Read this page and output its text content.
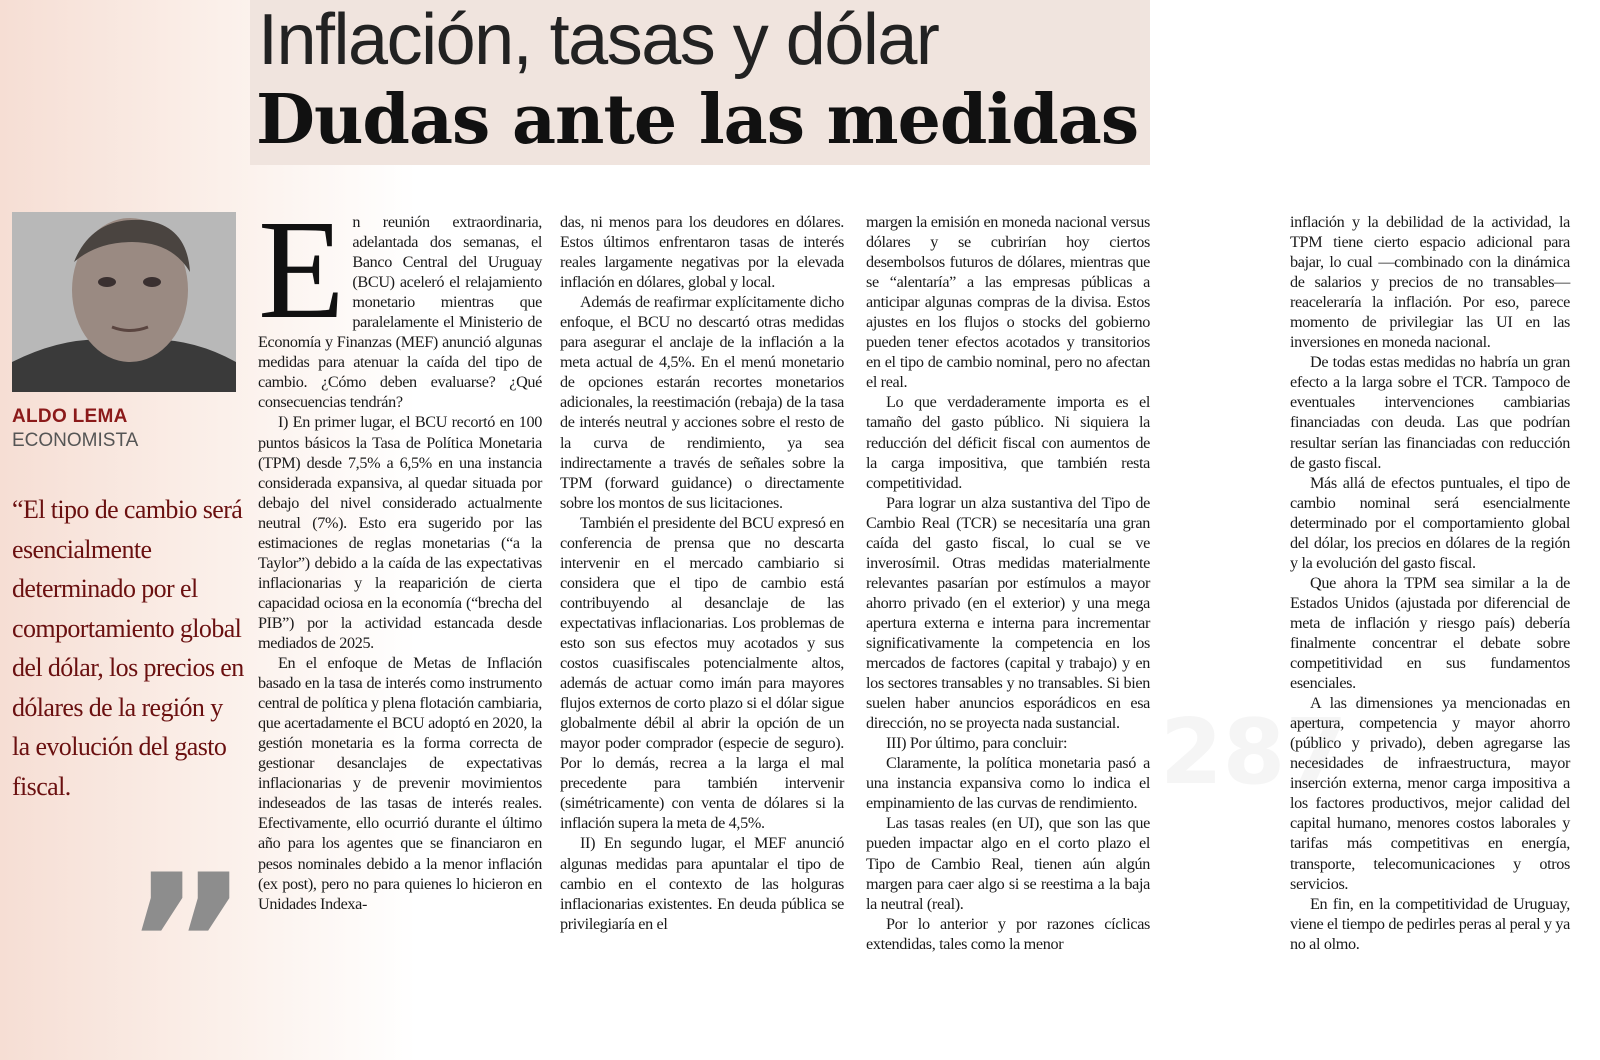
Inflación, tasas y dólar
Dudas ante las medidas
ALDO LEMA
ECONOMISTA
“El tipo de cambio será esencialmente determinado por el comportamiento global del dólar, los precios en dólares de la región y la evolución del gasto fiscal.
”
287
E n reunión extraordinaria, adelantada dos semanas, el Banco Central del Uruguay (BCU) aceleró el relajamiento monetario mientras que paralelamente el Ministerio de Economía y Finanzas (MEF) anunció algunas medidas para atenuar la caída del tipo de cambio. ¿Cómo deben evaluarse? ¿Qué consecuencias tendrán?

I) En primer lugar, el BCU recortó en 100 puntos básicos la Tasa de Política Monetaria (TPM) desde 7,5% a 6,5% en una instancia considerada expansiva, al quedar situada por debajo del nivel considerado actualmente neutral (7%). Esto era sugerido por las estimaciones de reglas monetarias (“a la Taylor”) debido a la caída de las expectativas inflacionarias y la reaparición de cierta capacidad ociosa en la economía (“brecha del PIB”) por la actividad estancada desde mediados de 2025.

En el enfoque de Metas de Inflación basado en la tasa de interés como instrumento central de política y plena flotación cambiaria, que acertadamente el BCU adoptó en 2020, la gestión monetaria es la forma correcta de gestionar desanclajes de expectativas inflacionarias y de prevenir movimientos indeseados de las tasas de interés reales. Efectivamente, ello ocurrió durante el último año para los agentes que se financiaron en pesos nominales debido a la menor inflación (ex post), pero no para quienes lo hicieron en Unidades Indexa-

das, ni menos para los deudores en dólares. Estos últimos enfrentaron tasas de interés reales largamente negativas por la elevada inflación en dólares, global y local.

Además de reafirmar explícitamente dicho enfoque, el BCU no descartó otras medidas para asegurar el anclaje de la inflación a la meta actual de 4,5%. En el menú monetario de opciones estarán recortes monetarios adicionales, la reestimación (rebaja) de la tasa de interés neutral y acciones sobre el resto de la curva de rendimiento, ya sea indirectamente a través de señales sobre la TPM (forward guidance) o directamente sobre los montos de sus licitaciones.

También el presidente del BCU expresó en conferencia de prensa que no descarta intervenir en el mercado cambiario si considera que el tipo de cambio está contribuyendo al desanclaje de las expectativas inflacionarias. Los problemas de esto son sus efectos muy acotados y sus costos cuasifiscales potencialmente altos, además de actuar como imán para mayores flujos externos de corto plazo si el dólar sigue globalmente débil al abrir la opción de un mayor poder comprador (especie de seguro). Por lo demás, recrea a la larga el mal precedente para también intervenir (simétricamente) con venta de dólares si la inflación supera la meta de 4,5%.

II) En segundo lugar, el MEF anunció algunas medidas para apuntalar el tipo de cambio en el contexto de las holguras inflacionarias existentes. En deuda pública se privilegiaría en el

margen la emisión en moneda nacional versus dólares y se cubrirían hoy ciertos desembolsos futuros de dólares, mientras que se “alentaría” a las empresas públicas a anticipar algunas compras de la divisa. Estos ajustes en los flujos o stocks del gobierno pueden tener efectos acotados y transitorios en el tipo de cambio nominal, pero no afectan el real.

Lo que verdaderamente importa es el tamaño del gasto público. Ni siquiera la reducción del déficit fiscal con aumentos de la carga impositiva, que también resta competitividad.

Para lograr un alza sustantiva del Tipo de Cambio Real (TCR) se necesitaría una gran caída del gasto fiscal, lo cual se ve inverosímil. Otras medidas materialmente relevantes pasarían por estímulos a mayor ahorro privado (en el exterior) y una mega apertura externa e interna para incrementar significativamente la competencia en los mercados de factores (capital y trabajo) y en los sectores transables y no transables. Si bien suelen haber anuncios esporádicos en esa dirección, no se proyecta nada sustancial.

III) Por último, para concluir:

Claramente, la política monetaria pasó a una instancia expansiva como lo indica el empinamiento de las curvas de rendimiento.

Las tasas reales (en UI), que son las que pueden impactar algo en el corto plazo el Tipo de Cambio Real, tienen aún algún margen para caer algo si se reestima a la baja la neutral (real).

Por lo anterior y por razones cíclicas extendidas, tales como la menor

inflación y la debilidad de la actividad, la TPM tiene cierto espacio adicional para bajar, lo cual —combinado con la dinámica de salarios y precios de no transables— reaceleraría la inflación. Por eso, parece momento de privilegiar las UI en las inversiones en moneda nacional.

De todas estas medidas no habría un gran efecto a la larga sobre el TCR. Tampoco de eventuales intervenciones cambiarias financiadas con deuda. Las que podrían resultar serían las financiadas con reducción de gasto fiscal.

Más allá de efectos puntuales, el tipo de cambio nominal será esencialmente determinado por el comportamiento global del dólar, los precios en dólares de la región y la evolución del gasto fiscal.

Que ahora la TPM sea similar a la de Estados Unidos (ajustada por diferencial de meta de inflación y riesgo país) debería finalmente concentrar el debate sobre competitividad en sus fundamentos esenciales.

A las dimensiones ya mencionadas en apertura, competencia y mayor ahorro (público y privado), deben agregarse las necesidades de infraestructura, mayor inserción externa, menor carga impositiva a los factores productivos, mejor calidad del capital humano, menores costos laborales y tarifas más competitivas en energía, transporte, telecomunicaciones y otros servicios.

En fin, en la competitividad de Uruguay, viene el tiempo de pedirles peras al peral y ya no al olmo.
